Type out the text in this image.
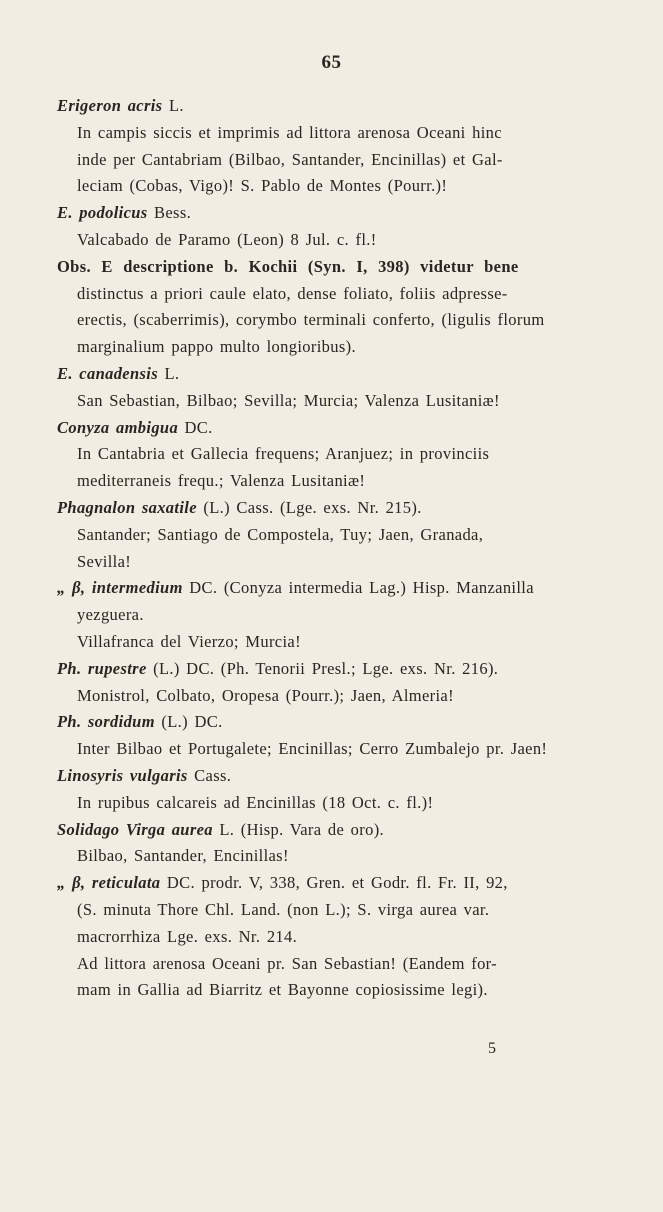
65
Erigeron acris L.
In campis siccis et imprimis ad littora arenosa Oceani hinc
inde per Cantabriam (Bilbao, Santander, Encinillas) et Gal-
leciam (Cobas, Vigo)! S. Pablo de Montes (Pourr.)!
E. podolicus Bess.
Valcabado de Paramo (Leon) 8 Jul. c. fl.!
Obs. E descriptione b. Kochii (Syn. I, 398) videtur bene
distinctus a priori caule elato, dense foliato, foliis adpresse-
erectis, (scaberrimis), corymbo terminali conferto, (ligulis florum
marginalium pappo multo longioribus).
E. canadensis L.
San Sebastian, Bilbao; Sevilla; Murcia; Valenza Lusitaniæ!
Conyza ambigua DC.
In Cantabria et Gallecia frequens; Aranjuez; in provinciis
mediterraneis frequ.; Valenza Lusitaniæ!
Phagnalon saxatile (L.) Cass. (Lge. exs. Nr. 215).
Santander; Santiago de Compostela, Tuy; Jaen, Granada,
Sevilla!
„ β, intermedium DC. (Conyza intermedia Lag.) Hisp. Manzanilla
yezguera.
Villafranca del Vierzo; Murcia!
Ph. rupestre (L.) DC. (Ph. Tenorii Presl.; Lge. exs. Nr. 216).
Monistrol, Colbato, Oropesa (Pourr.); Jaen, Almeria!
Ph. sordidum (L.) DC.
Inter Bilbao et Portugalete; Encinillas; Cerro Zumbalejo pr. Jaen!
Linosyris vulgaris Cass.
In rupibus calcareis ad Encinillas (18 Oct. c. fl.)!
Solidago Virga aurea L. (Hisp. Vara de oro).
Bilbao, Santander, Encinillas!
„ β, reticulata DC. prodr. V, 338, Gren. et Godr. fl. Fr. II, 92,
(S. minuta Thore Chl. Land. (non L.); S. virga aurea var.
macrorrhiza Lge. exs. Nr. 214.
Ad littora arenosa Oceani pr. San Sebastian! (Eandem for-
mam in Gallia ad Biarritz et Bayonne copiosissime legi).
5
